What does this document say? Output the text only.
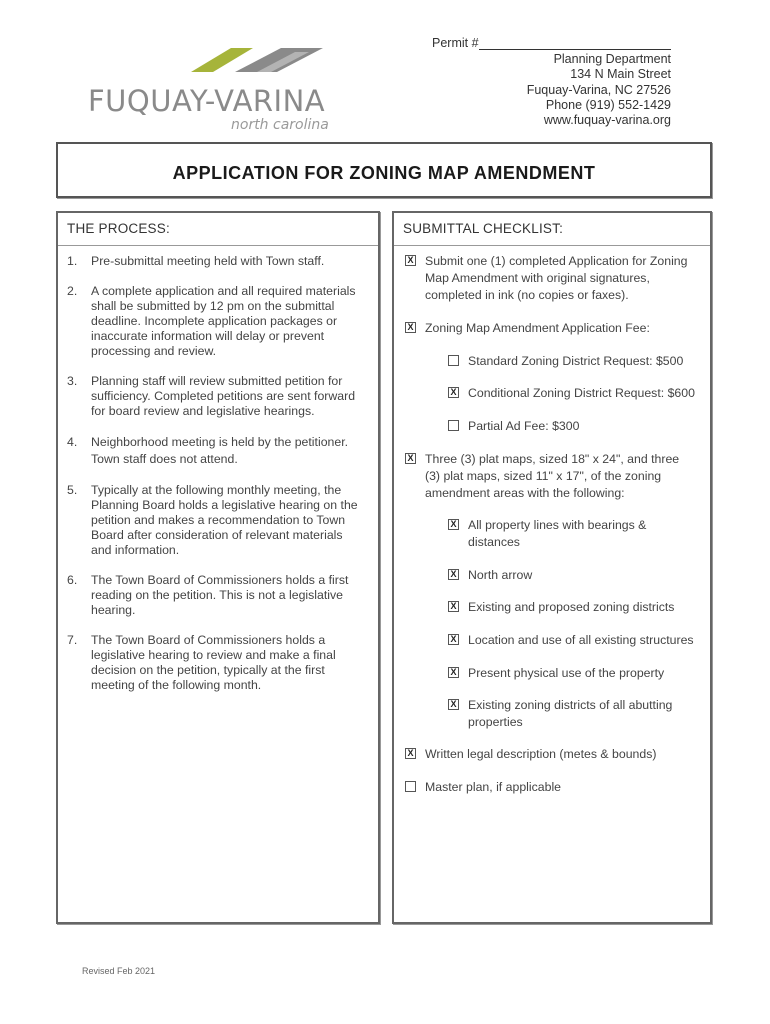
FUQUAY-VARINA
north carolina
Permit #
Planning Department
134 N Main Street
Fuquay-Varina, NC 27526
Phone (919) 552-1429
www.fuquay-varina.org
APPLICATION FOR ZONING MAP AMENDMENT
THE PROCESS:
1. Pre-submittal meeting held with Town staff.
2. A complete application and all required materials shall be submitted by 12 pm on the submittal deadline. Incomplete application packages or inaccurate information will delay or prevent processing and review.
3. Planning staff will review submitted petition for sufficiency. Completed petitions are sent forward for board review and legislative hearings.
4. Neighborhood meeting is held by the petitioner. Town staff does not attend.
5. Typically at the following monthly meeting, the Planning Board holds a legislative hearing on the petition and makes a recommendation to Town Board after consideration of relevant materials and information.
6. The Town Board of Commissioners holds a first reading on the petition. This is not a legislative hearing.
7. The Town Board of Commissioners holds a legislative hearing to review and make a final decision on the petition, typically at the first meeting of the following month.
SUBMITTAL CHECKLIST:
X Submit one (1) completed Application for Zoning Map Amendment with original signatures, completed in ink (no copies or faxes).
X Zoning Map Amendment Application Fee:
Standard Zoning District Request: $500
X Conditional Zoning District Request: $600
Partial Ad Fee: $300
X Three (3) plat maps, sized 18" x 24", and three (3) plat maps, sized 11" x 17", of the zoning amendment areas with the following:
X All property lines with bearings & distances
X North arrow
X Existing and proposed zoning districts
X Location and use of all existing structures
X Present physical use of the property
X Existing zoning districts of all abutting properties
X Written legal description (metes & bounds)
Master plan, if applicable
Revised Feb 2021
